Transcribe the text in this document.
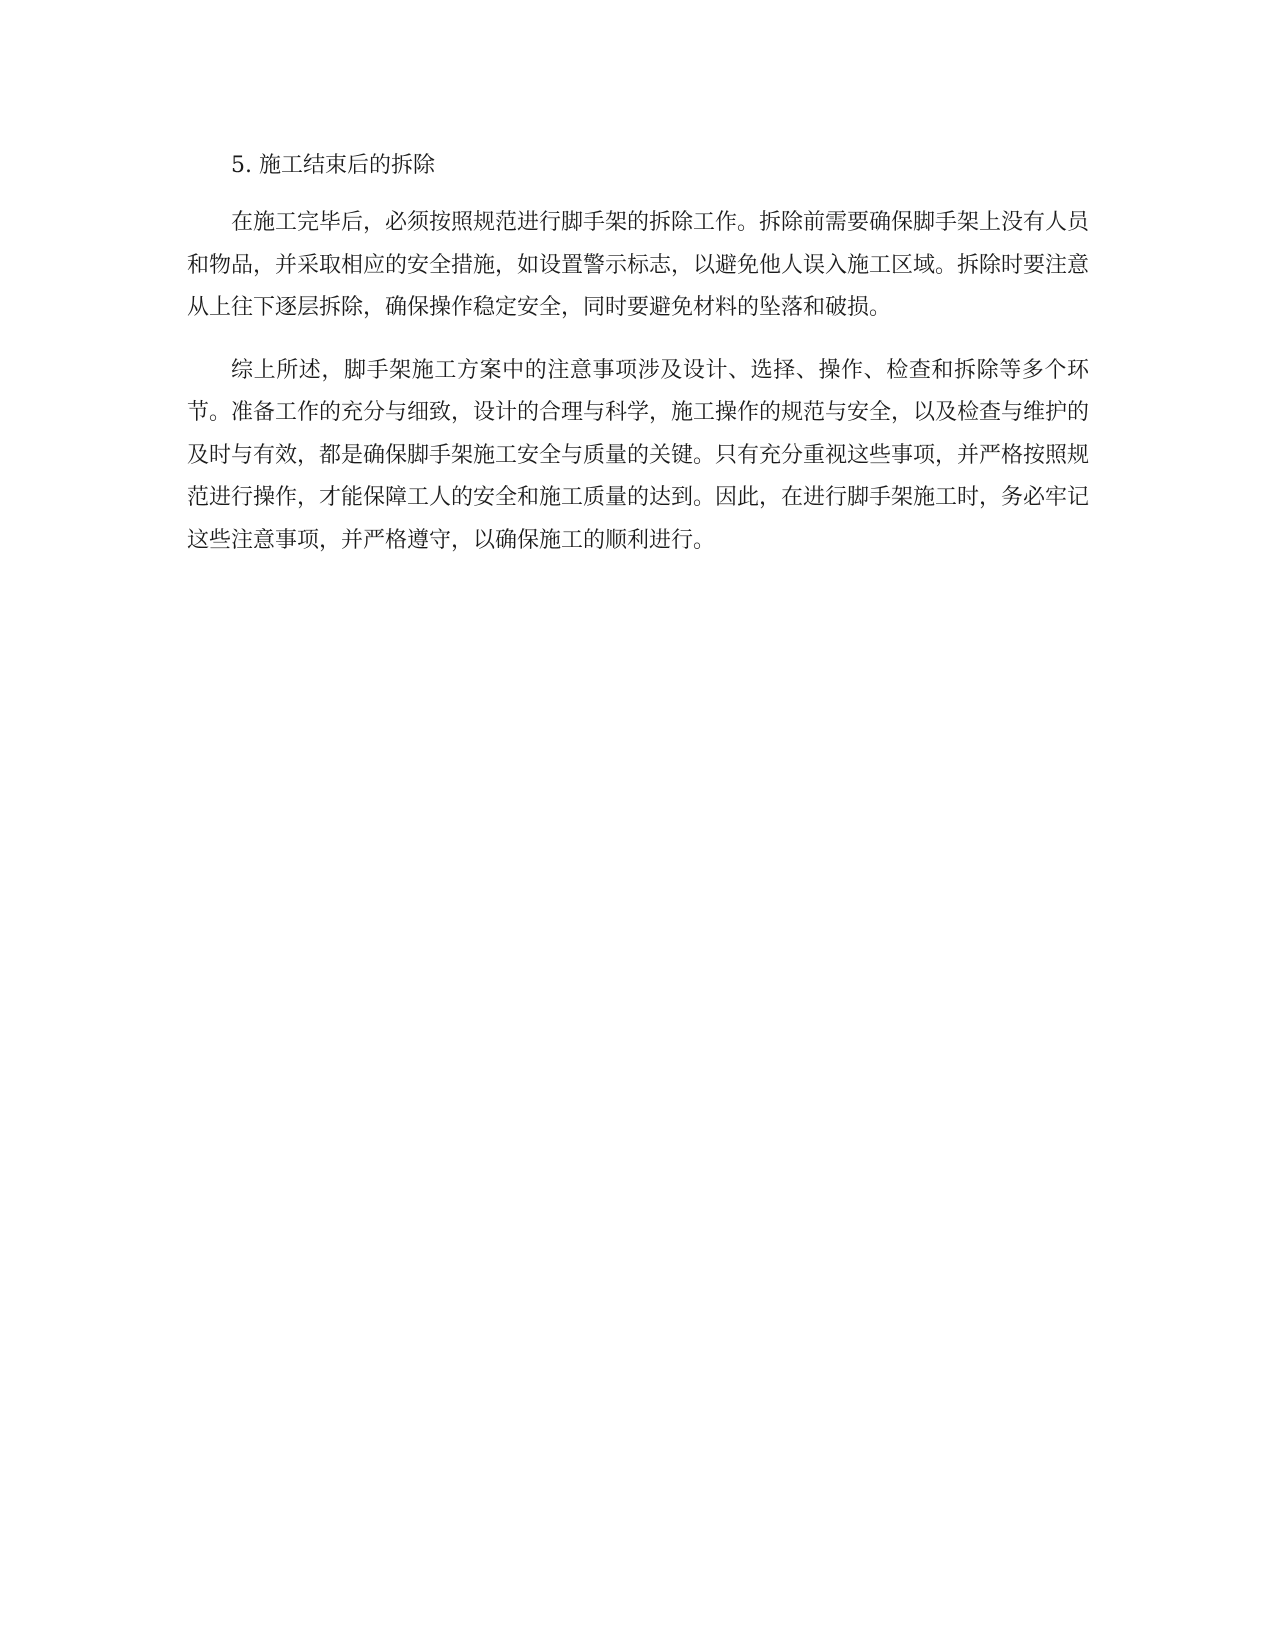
5. 施工结束后的拆除

在施工完毕后，必须按照规范进行脚手架的拆除工作。拆除前需要确保脚手架上没有人员和物品，并采取相应的安全措施，如设置警示标志，以避免他人误入施工区域。拆除时要注意从上往下逐层拆除，确保操作稳定安全，同时要避免材料的坠落和破损。

综上所述，脚手架施工方案中的注意事项涉及设计、选择、操作、检查和拆除等多个环节。准备工作的充分与细致，设计的合理与科学，施工操作的规范与安全，以及检查与维护的及时与有效，都是确保脚手架施工安全与质量的关键。只有充分重视这些事项，并严格按照规范进行操作，才能保障工人的安全和施工质量的达到。因此，在进行脚手架施工时，务必牢记这些注意事项，并严格遵守，以确保施工的顺利进行。
